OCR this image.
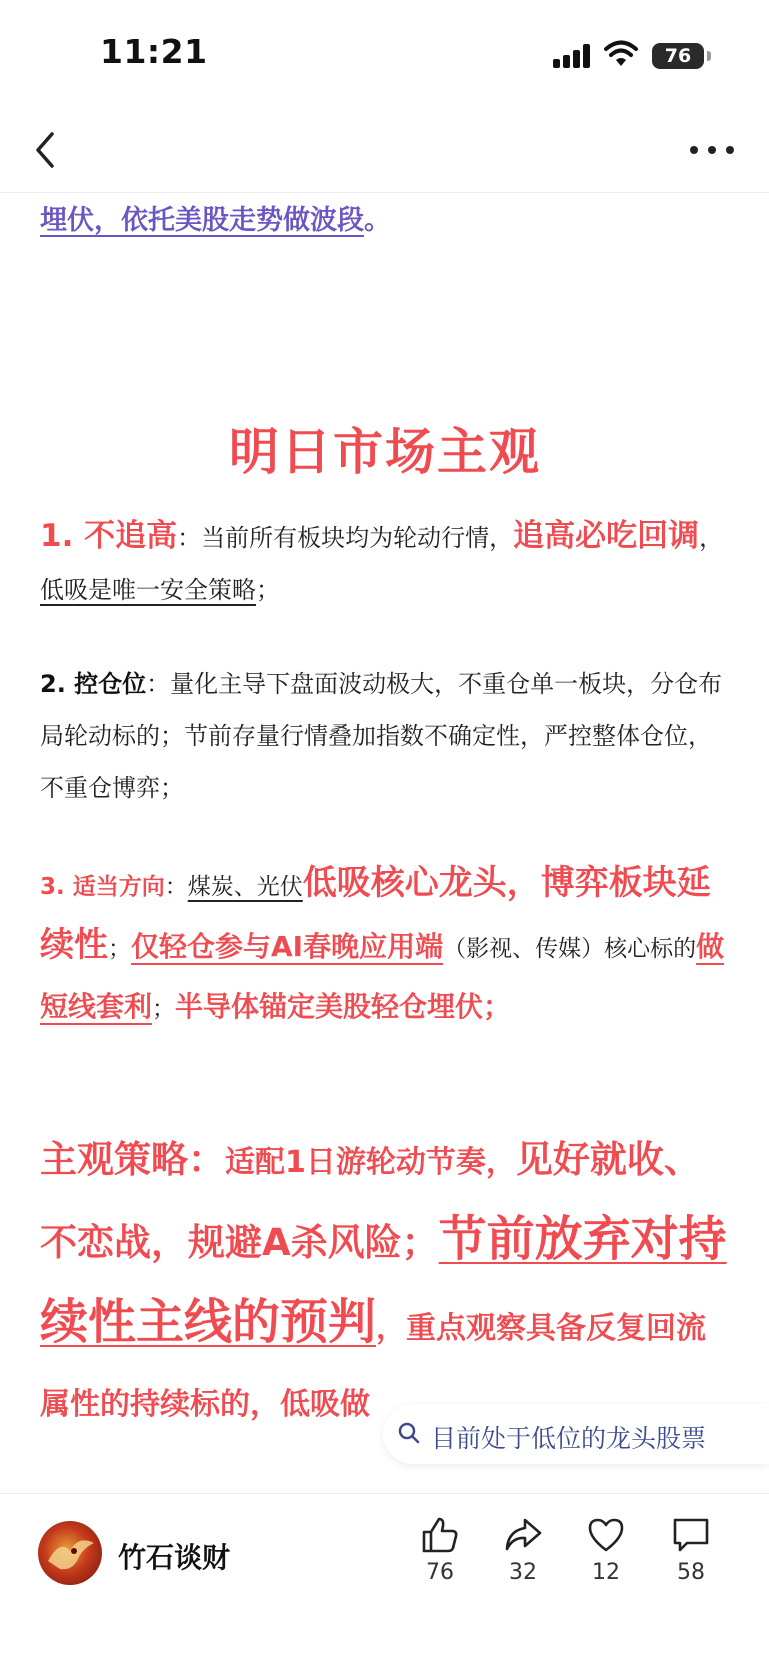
11:21	76
埋伏，依托美股走势做波段。
明日市场主观
1. 不追高：当前所有板块均为轮动行情，追高必吃回调，低吸是唯一安全策略；
2. 控仓位：量化主导下盘面波动极大，不重仓单一板块，分仓布局轮动标的；节前存量行情叠加指数不确定性，严控整体仓位，不重仓博弈；
3. 适当方向：煤炭、光伏低吸核心龙头，博弈板块延续性；仅轻仓参与AI春晚应用端（影视、传媒）核心标的做短线套利；半导体锚定美股轻仓埋伏；
主观策略：适配1日游轮动节奏，见好就收、不恋战，规避A杀风险；节前放弃对持续性主线的预判，重点观察具备反复回流属性的持续标的，低吸做
目前处于低位的龙头股票
竹石谈财	76	32	12	58
